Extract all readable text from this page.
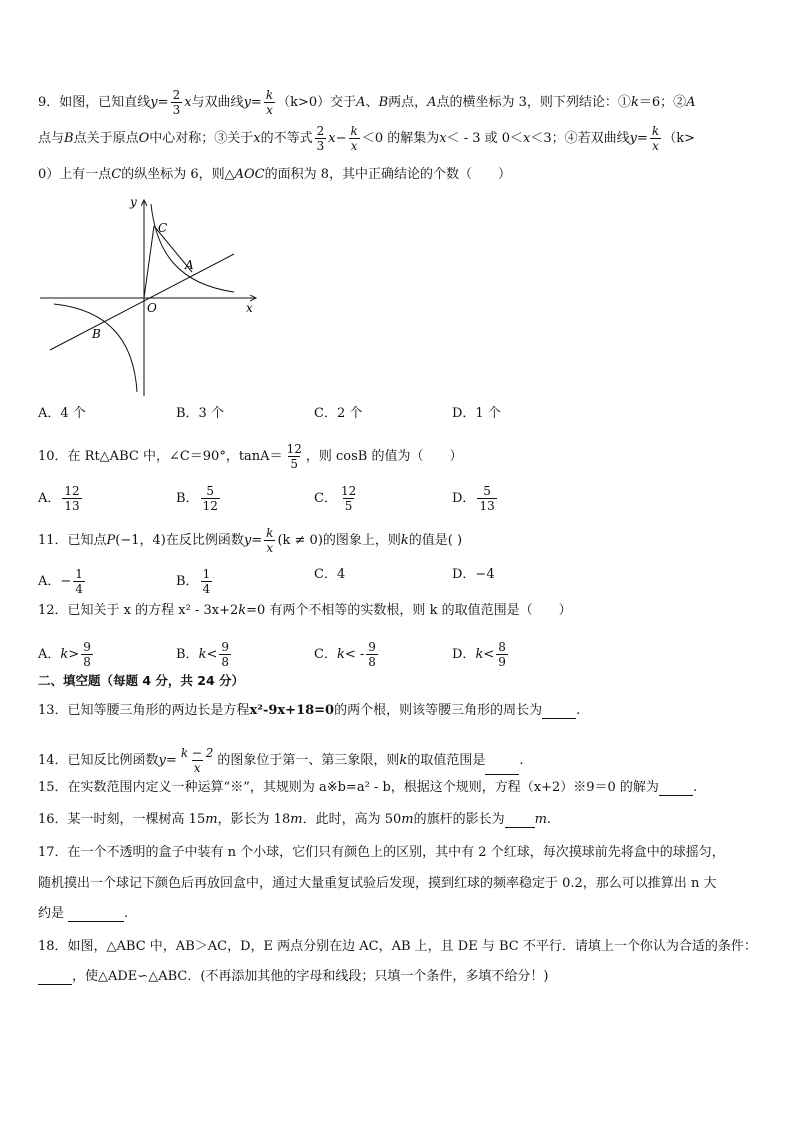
9．如图，已知直线$y= \frac{2}{3}$ x与双曲线$y= \frac{k}{x} (k>0)$交于A、B两点，A点的横坐标为 3，则下列结论：①k＝6；②A
点与B点关于原点O中心对称；③关于x的不等式 $\frac{2}{3} x- \frac{k}{x} <0$ 的解集为x＜ - 3 或 0＜x＜3；④若双曲线$y= \frac{k}{x} (k>$
0）上有一点C的纵坐标为 6，则△AOC的面积为 8，其中正确结论的个数（　　）
y
x
O
A
B
C
A．4 个	B．3 个	C．2 个	D．1 个
10．在 Rt△ABC 中，∠C＝90°，$\tan A= \frac{12}{5}$ ，则 cosB 的值为（　　）
A． $\frac{12}{13}$	B． $\frac{5}{12}$	C． $\frac{12}{5}$	D． $\frac{5}{13}$
11．已知点P(−1，4)在反比例函数$y= \frac{k}{x} (k \ne 0)$的图象上，则k的值是( )
A．− $\frac{1}{4}$	B． $\frac{1}{4}$	C．4	D．−4
12．已知关于 x 的方程 x² - 3x+2k=0 有两个不相等的实数根，则 k 的取值范围是（　　）
A．$k> \frac{9}{8}$	B．$k< \frac{9}{8}$	C．$k< - \frac{9}{8}$	D．$k< \frac{8}{9}$
二、填空题（每题 4 分，共 24 分）
13．已知等腰三角形的两边长是方程x²-9x+18=0的两个根，则该等腰三角形的周长为	.
14．已知反比例函数$y= \frac{k - 2}{x}$ 的图象位于第一、第三象限，则k的取值范围是	.
15．在实数范围内定义一种运算“※”，其规则为 a※b=a² - b，根据这个规则，方程（x+2）※9＝0 的解为	.
16．某一时刻，一棵树高 15m，影长为 18m．此时，高为 50m的旗杆的影长为 m.
17．在一个不透明的盒子中装有 n 个小球，它们只有颜色上的区别，其中有 2 个红球，每次摸球前先将盒中的球摇匀，
随机摸出一个球记下颜色后再放回盒中，通过大量重复试验后发现，摸到红球的频率稳定于 0.2，那么可以推算出 n 大
约是	.
18．如图，△ABC 中，AB＞AC，D，E 两点分别在边 AC，AB 上，且 DE 与 BC 不平行．请填上一个你认为合适的条件：
，使△ADE∽△ABC．(不再添加其他的字母和线段；只填一个条件，多填不给分！)
